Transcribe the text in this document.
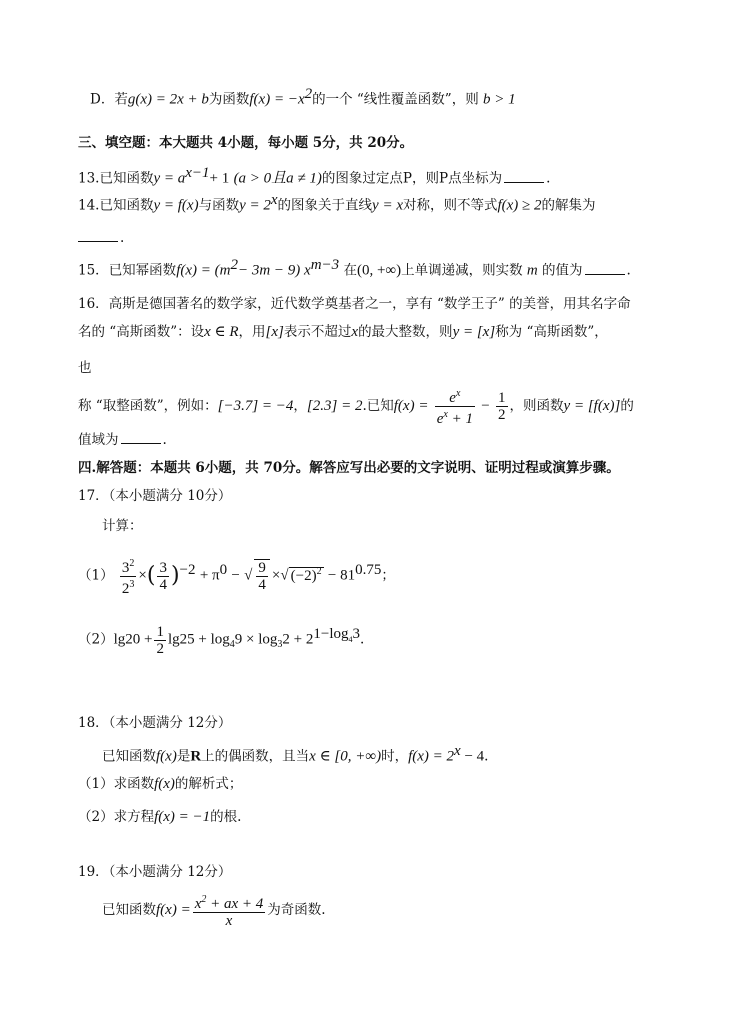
D．若g(x) = 2x + b为函数$f(x) = -x^2$的一个 “线性覆盖函数”，则 b > 1
三、填空题：本大题共 4小题，每小题 5分，共 20分。
13.已知函数$y = a^{x-1}+ 1$ (a > 0且a ≠ 1)的图象过定点P，则P点坐标为	.
14.已知函数y = f(x)与函数$y = 2^x$的图象关于直线y = x对称，则不等式f(x) ≥ 2的解集为
.
15．已知幂函数$f(x) = (m^2- 3m - 9)$ $x^{m-3}$ 在(0, +∞)上单调递减，则实数 m 的值为	.
16．高斯是德国著名的数学家，近代数学奠基者之一，享有 “数学王子” 的美誉，用其名字命
名的 “高斯函数”：设x ∈ R，用[x]表示不超过x的最大整数，则y = [x]称为 “高斯函数”，
也
称 “取整函数”，例如：[−3.7] = −4，[2.3] = 2.已知$f(x) = \frac{e^x}{e^x + 1} - \frac{1}{2}$ ，则函数y = [f(x)]的
值域为	.
四.解答题：本题共 6小题，共 70分。解答应写出必要的文字说明、证明过程或演算步骤。
17．（本小题满分 10分）
计算：
$(1) \frac{3^2}{2^3}$ ×( $\frac{3}{4} )^{-2} + \pi^0$ − √ $\frac{9}{4}$ ×√ $(-2)^2 - 81^{0.75}$；
$(2)\lg 20 + \frac{1}{2} \lg 25 + \log_49 \times \log_32 + 2^{1-log_43}$.
18．（本小题满分 12分）
已知函数f(x)是R上的偶函数，且当x ∈ [0, +∞)时，$f(x) = 2^x - 4$.
（1）求函数f(x)的解析式；
（2）求方程f(x) = −1的根.
19．（本小题满分 12分）
已知函数$f(x) = \frac{x^2 + ax + 4}{x}$ 为奇函数.
